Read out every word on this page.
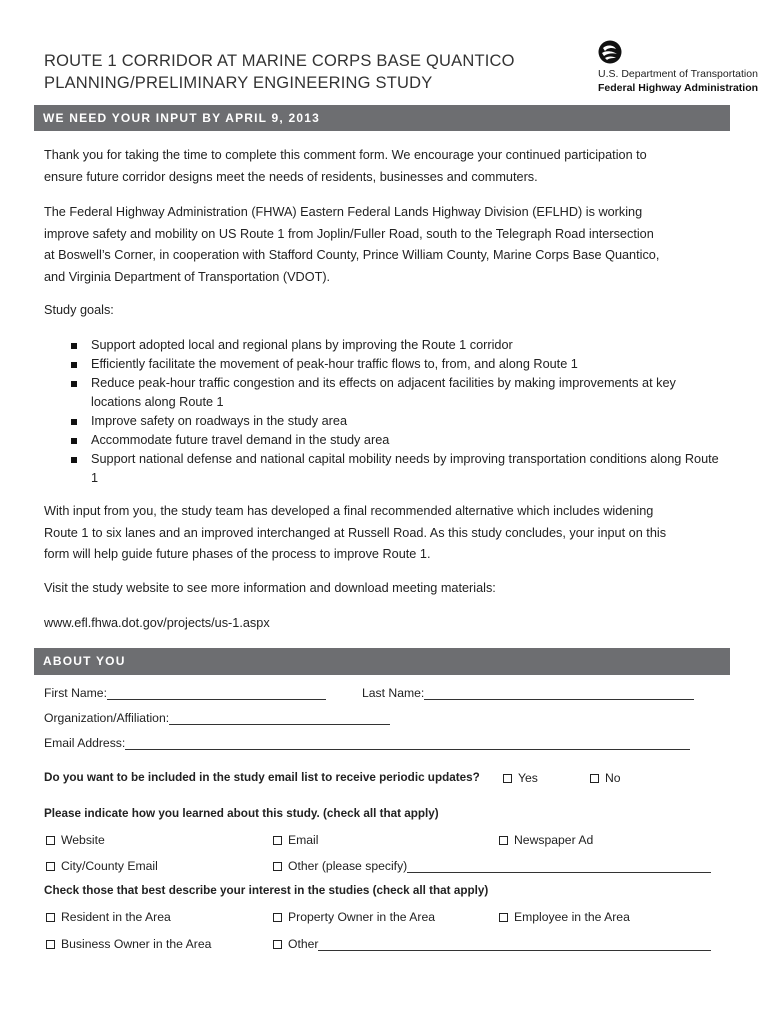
ROUTE 1 CORRIDOR AT MARINE CORPS BASE QUANTICO
PLANNING/PRELIMINARY ENGINEERING STUDY	U.S. Department of Transportation
Federal Highway Administration
WE NEED YOUR INPUT BY APRIL 9, 2013
Thank you for taking the time to complete this comment form. We encourage your continued participation to
ensure future corridor designs meet the needs of residents, businesses and commuters.
The Federal Highway Administration (FHWA) Eastern Federal Lands Highway Division (EFLHD) is working
improve safety and mobility on US Route 1 from Joplin/Fuller Road, south to the Telegraph Road intersection
at Boswell’s Corner, in cooperation with Stafford County, Prince William County, Marine Corps Base Quantico,
and Virginia Department of Transportation (VDOT).
Study goals:
Support adopted local and regional plans by improving the Route 1 corridor
Efficiently facilitate the movement of peak-hour traffic flows to, from, and along Route 1
Reduce peak-hour traffic congestion and its effects on adjacent facilities by making improvements at key locations along Route 1
Improve safety on roadways in the study area
Accommodate future travel demand in the study area
Support national defense and national capital mobility needs by improving transportation conditions along Route 1
With input from you, the study team has developed a final recommended alternative which includes widening
Route 1 to six lanes and an improved interchanged at Russell Road. As this study concludes, your input on this
form will help guide future phases of the process to improve Route 1.
Visit the study website to see more information and download meeting materials:
www.efl.fhwa.dot.gov/projects/us-1.aspx
ABOUT YOU
First Name:	Last Name:
Organization/Affiliation:
Email Address:
Do you want to be included in the study email list to receive periodic updates?	Yes	No
Please indicate how you learned about this study. (check all that apply)
Website	Email	Newspaper Ad
City/County Email	Other (please specify)
Check those that best describe your interest in the studies (check all that apply)
Resident in the Area	Property Owner in the Area	Employee in the Area
Business Owner in the Area	Other
